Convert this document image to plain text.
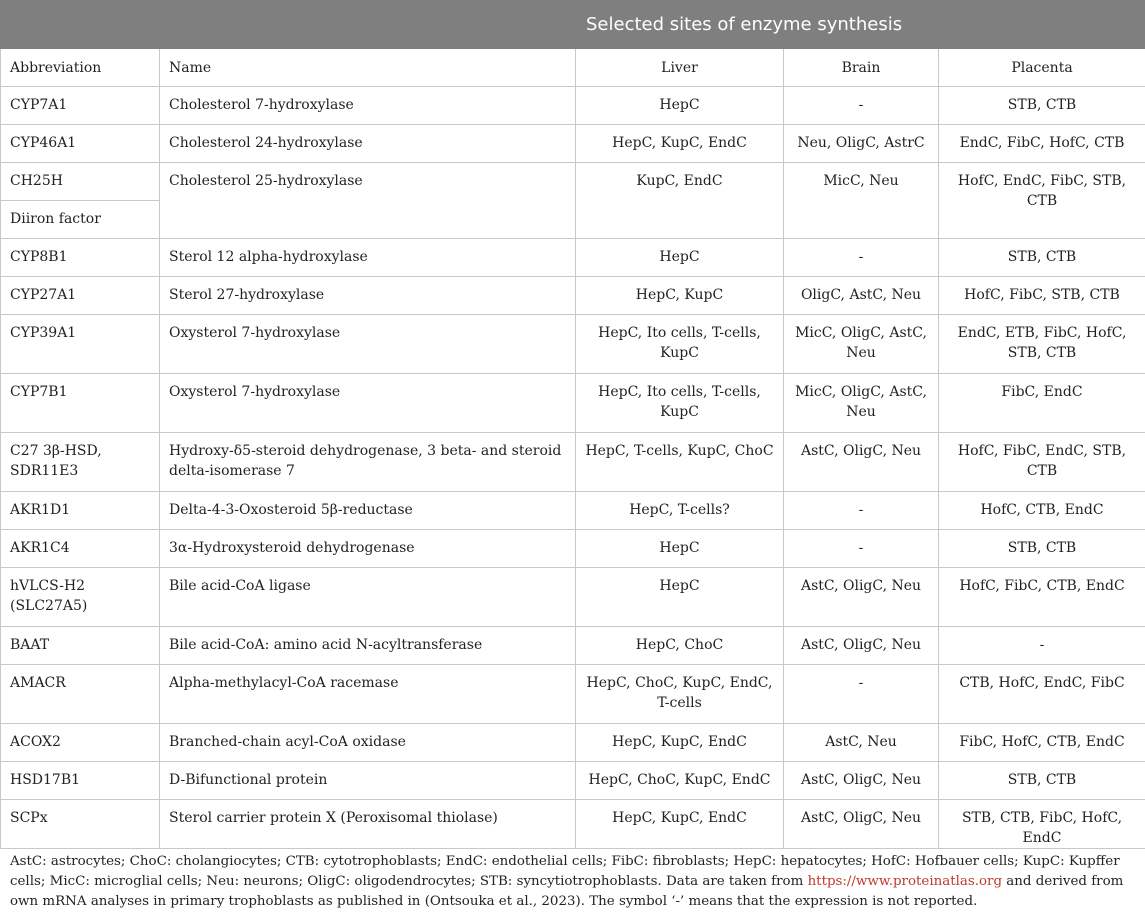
		Selected sites of enzyme synthesis		
Abbreviation	Name	Liver	Brain	Placenta
CYP7A1	Cholesterol 7-hydroxylase	HepC	-	STB, CTB
CYP46A1	Cholesterol 24-hydroxylase	HepC, KupC, EndC	Neu, OligC, AstrC	EndC, FibC, HofC, CTB
CH25H	Cholesterol 25-hydroxylase	KupC, EndC	MicC, Neu	HofC, EndC, FibC, STB, CTB
Diiron factor				
CYP8B1	Sterol 12 alpha-hydroxylase	HepC	-	STB, CTB
CYP27A1	Sterol 27-hydroxylase	HepC, KupC	OligC, AstC, Neu	HofC, FibC, STB, CTB
CYP39A1	Oxysterol 7-hydroxylase	HepC, Ito cells, T-cells, KupC	MicC, OligC, AstC, Neu	EndC, ETB, FibC, HofC, STB, CTB
CYP7B1	Oxysterol 7-hydroxylase	HepC, Ito cells, T-cells, KupC	MicC, OligC, AstC, Neu	FibC, EndC
C27 3β-HSD, SDR11E3	Hydroxy-δ5-steroid dehydrogenase, 3 beta- and steroid delta-isomerase 7	HepC, T-cells, KupC, ChoC	AstC, OligC, Neu	HofC, FibC, EndC, STB, CTB
AKR1D1	Delta-4-3-Oxosteroid 5β-reductase	HepC, T-cells?	-	HofC, CTB, EndC
AKR1C4	3α-Hydroxysteroid dehydrogenase	HepC	-	STB, CTB
hVLCS-H2 (SLC27A5)	Bile acid-CoA ligase	HepC	AstC, OligC, Neu	HofC, FibC, CTB, EndC
BAAT	Bile acid-CoA: amino acid N-acyltransferase	HepC, ChoC	AstC, OligC, Neu	-
AMACR	Alpha-methylacyl-CoA racemase	HepC, ChoC, KupC, EndC, T-cells	-	CTB, HofC, EndC, FibC
ACOX2	Branched-chain acyl-CoA oxidase	HepC, KupC, EndC	AstC, Neu	FibC, HofC, CTB, EndC
HSD17B1	D-Bifunctional protein	HepC, ChoC, KupC, EndC	AstC, OligC, Neu	STB, CTB
SCPx	Sterol carrier protein X (Peroxisomal thiolase)	HepC, KupC, EndC	AstC, OligC, Neu	STB, CTB, FibC, HofC, EndC
AstC: astrocytes; ChoC: cholangiocytes; CTB: cytotrophoblasts; EndC: endothelial cells; FibC: fibroblasts; HepC: hepatocytes; HofC: Hofbauer cells; KupC: Kupffer cells; MicC: microglial cells; Neu: neurons; OligC: oligodendrocytes; STB: syncytiotrophoblasts. Data are taken from https://www.proteinatlas.org and derived from own mRNA analyses in primary trophoblasts as published in (Ontsouka et al., 2023). The symbol ‘-’ means that the expression is not reported.
